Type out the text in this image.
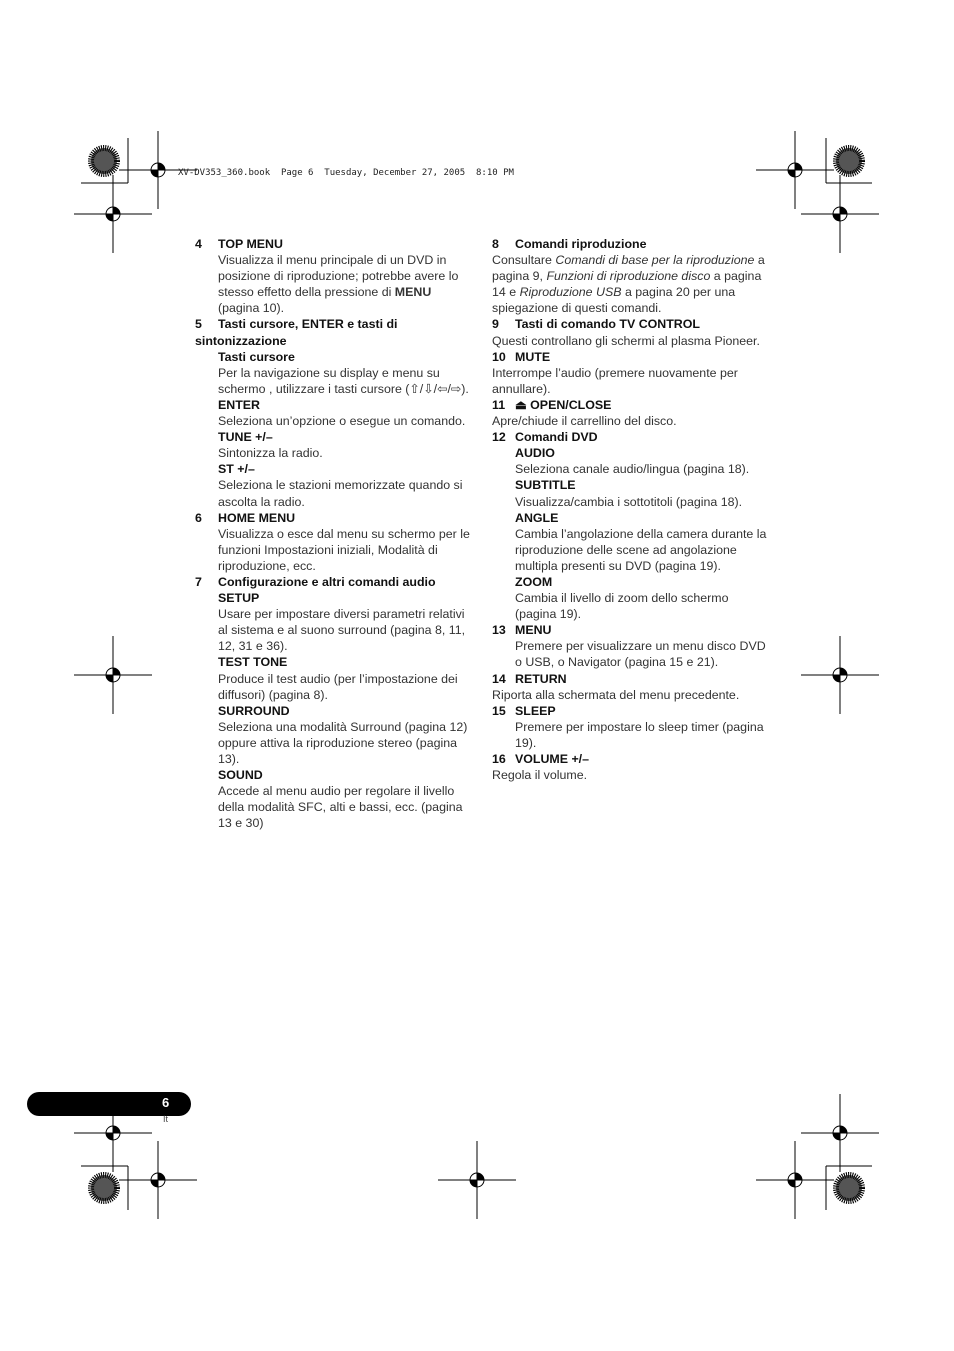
XV-DV353_360.book  Page 6  Tuesday, December 27, 2005  8:10 PM

4 TOP MENU

Visualizza il menu principale di un DVD in posizione di riproduzione; potrebbe avere lo stesso effetto della pressione di MENU (pagina 10).

5 Tasti cursore, ENTER e tasti di sintonizzazione

Tasti cursore

Per la navigazione su display e menu su schermo , utilizzare i tasti cursore (⇧/⇩/⇦/⇨).

ENTER

Seleziona un’opzione o esegue un comando.

TUNE +/–

Sintonizza la radio.

ST +/–

Seleziona le stazioni memorizzate quando si ascolta la radio.

6 HOME MENU

Visualizza o esce dal menu su schermo per le funzioni Impostazioni iniziali, Modalità di riproduzione, ecc.

7 Configurazione e altri comandi audio

SETUP

Usare per impostare diversi parametri relativi al sistema e al suono surround (pagina 8, 11, 12, 31 e 36).

TEST TONE

Produce il test audio (per l’impostazione dei diffusori) (pagina 8).

SURROUND

Seleziona una modalità Surround (pagina 12) oppure attiva la riproduzione stereo (pagina 13).

SOUND

Accede al menu audio per regolare il livello della modalità SFC, alti e bassi, ecc. (pagina 13 e 30)

8 Comandi riproduzione

Consultare Comandi di base per la riproduzione a pagina 9, Funzioni di riproduzione disco a pagina 14 e Riproduzione USB a pagina 20 per una spiegazione di questi comandi.

9 Tasti di comando TV CONTROL

Questi controllano gli schermi al plasma Pioneer.

10 MUTE

Interrompe l’audio (premere nuovamente per annullare).

11 ⏏ OPEN/CLOSE

Apre/chiude il carrellino del disco.

12 Comandi DVD

AUDIO

Seleziona canale audio/lingua (pagina 18).

SUBTITLE

Visualizza/cambia i sottotitoli (pagina 18).

ANGLE

Cambia l’angolazione della camera durante la riproduzione delle scene ad angolazione multipla presenti su DVD (pagina 19).

ZOOM

Cambia il livello di zoom dello schermo (pagina 19).

13 MENU

Premere per visualizzare un menu disco DVD o USB, o Navigator (pagina 15 e 21).

14 RETURN

Riporta alla schermata del menu precedente.

15 SLEEP

Premere per impostare lo sleep timer (pagina 19).

16 VOLUME +/–

Regola il volume.

6
It
